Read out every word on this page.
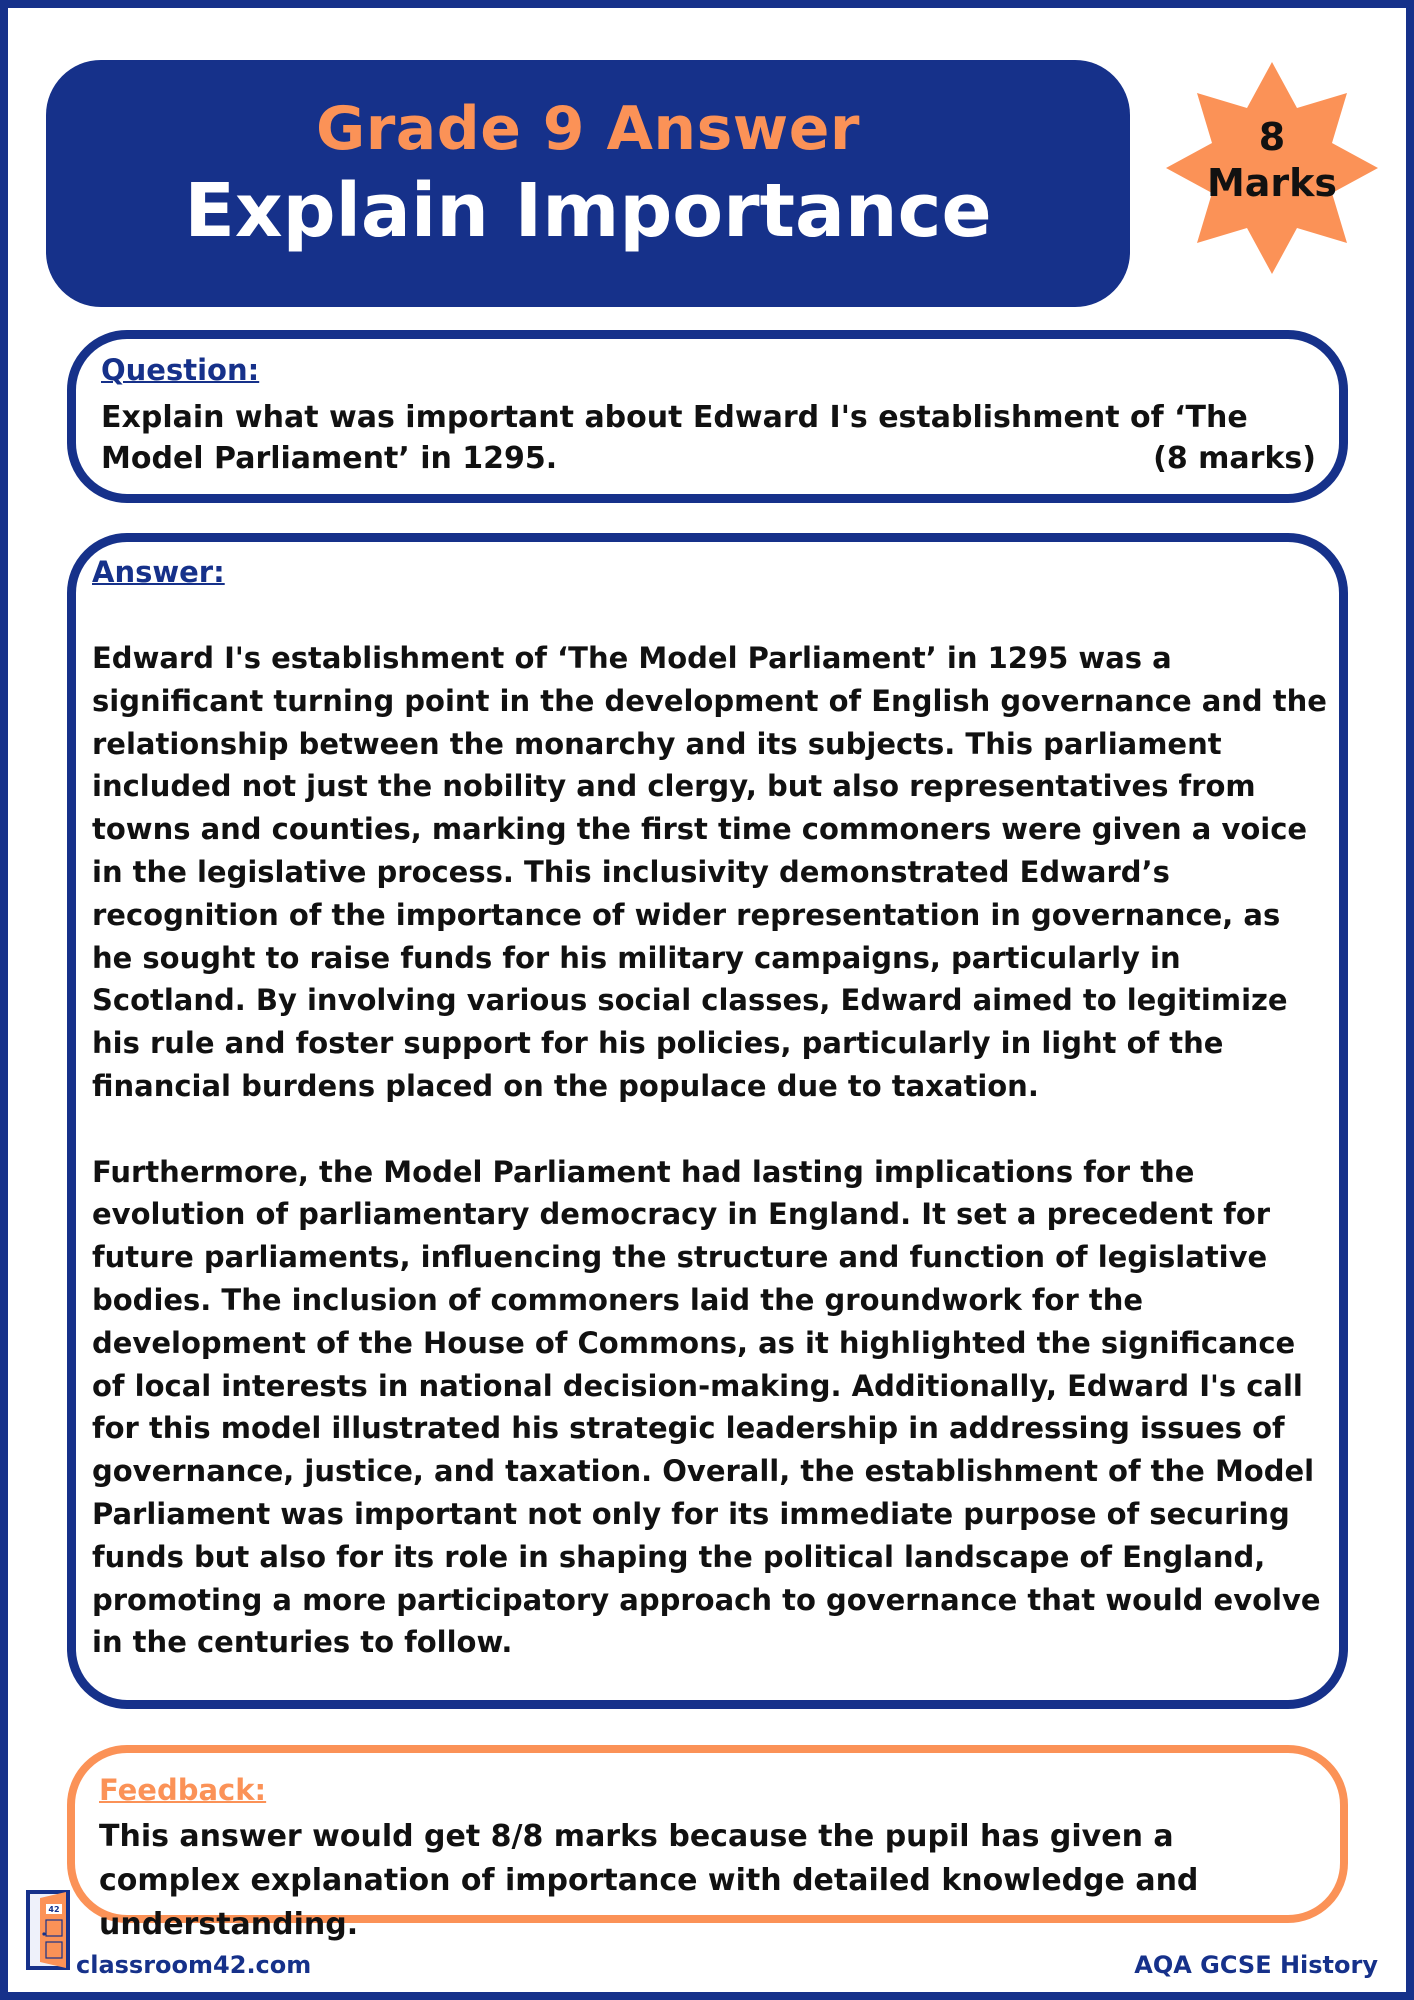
Grade 9 Answer
Explain Importance
8
Marks
Question:
Explain what was important about Edward I's establishment of ‘The Model Parliament’ in 1295.	(8 marks)
Answer:

Edward I's establishment of ‘The Model Parliament’ in 1295 was a significant turning point in the development of English governance and the relationship between the monarchy and its subjects. This parliament included not just the nobility and clergy, but also representatives from towns and counties, marking the first time commoners were given a voice in the legislative process. This inclusivity demonstrated Edward’s recognition of the importance of wider representation in governance, as he sought to raise funds for his military campaigns, particularly in Scotland. By involving various social classes, Edward aimed to legitimize his rule and foster support for his policies, particularly in light of the financial burdens placed on the populace due to taxation.

Furthermore, the Model Parliament had lasting implications for the evolution of parliamentary democracy in England. It set a precedent for future parliaments, influencing the structure and function of legislative bodies. The inclusion of commoners laid the groundwork for the development of the House of Commons, as it highlighted the significance of local interests in national decision-making. Additionally, Edward I's call for this model illustrated his strategic leadership in addressing issues of governance, justice, and taxation. Overall, the establishment of the Model Parliament was important not only for its immediate purpose of securing funds but also for its role in shaping the political landscape of England, promoting a more participatory approach to governance that would evolve in the centuries to follow.

Feedback:
This answer would get 8/8 marks because the pupil has given a complex explanation of importance with detailed knowledge and understanding.
42
classroom42.com	AQA GCSE History
